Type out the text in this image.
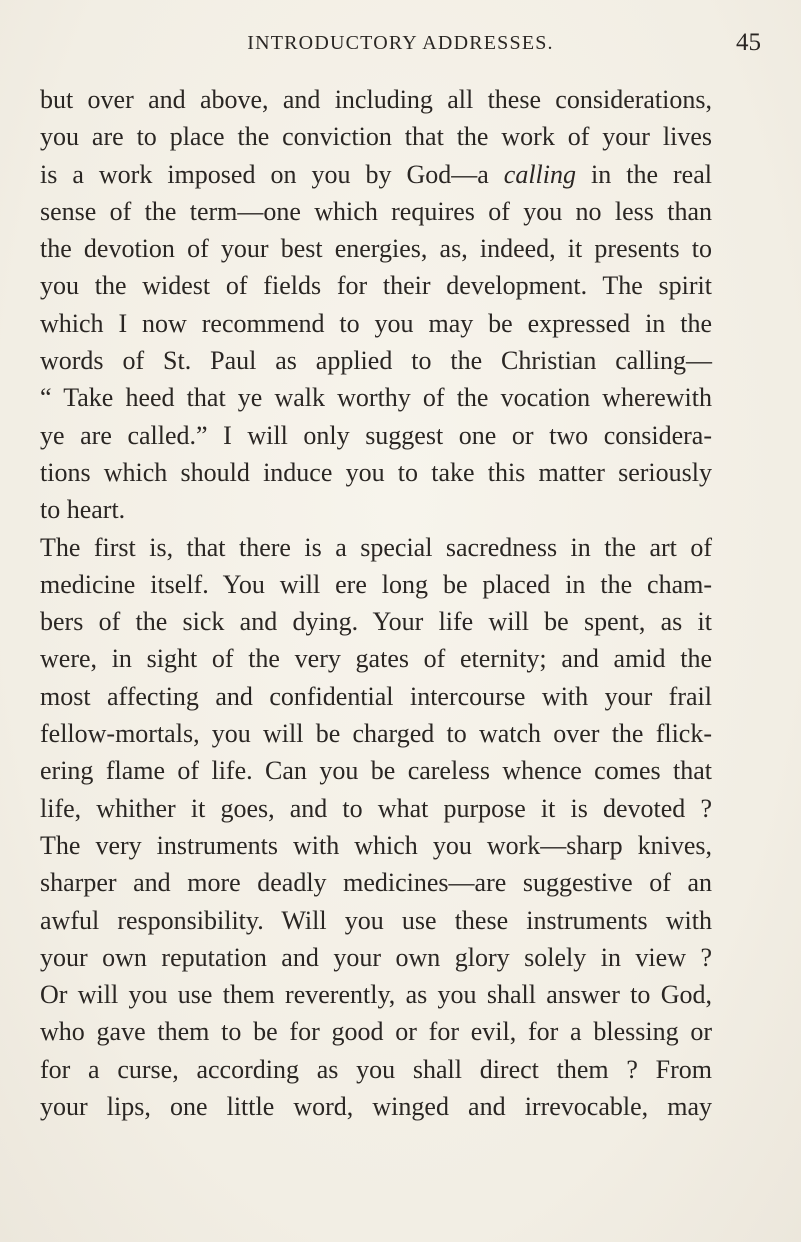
INTRODUCTORY ADDRESSES.	45
but over and above, and including all these considerations,
you are to place the conviction that the work of your lives
is a work imposed on you by God—a calling in the real
sense of the term—one which requires of you no less than
the devotion of your best energies, as, indeed, it presents to
you the widest of fields for their development. The spirit
which I now recommend to you may be expressed in the
words of St. Paul as applied to the Christian calling—
“ Take heed that ye walk worthy of the vocation wherewith
ye are called.” I will only suggest one or two considera-
tions which should induce you to take this matter seriously
to heart.
The first is, that there is a special sacredness in the art of
medicine itself. You will ere long be placed in the cham-
bers of the sick and dying. Your life will be spent, as it
were, in sight of the very gates of eternity; and amid the
most affecting and confidential intercourse with your frail
fellow-mortals, you will be charged to watch over the flick-
ering flame of life. Can you be careless whence comes that
life, whither it goes, and to what purpose it is devoted ?
The very instruments with which you work—sharp knives,
sharper and more deadly medicines—are suggestive of an
awful responsibility. Will you use these instruments with
your own reputation and your own glory solely in view ?
Or will you use them reverently, as you shall answer to God,
who gave them to be for good or for evil, for a blessing or
for a curse, according as you shall direct them ? From
your lips, one little word, winged and irrevocable, may
